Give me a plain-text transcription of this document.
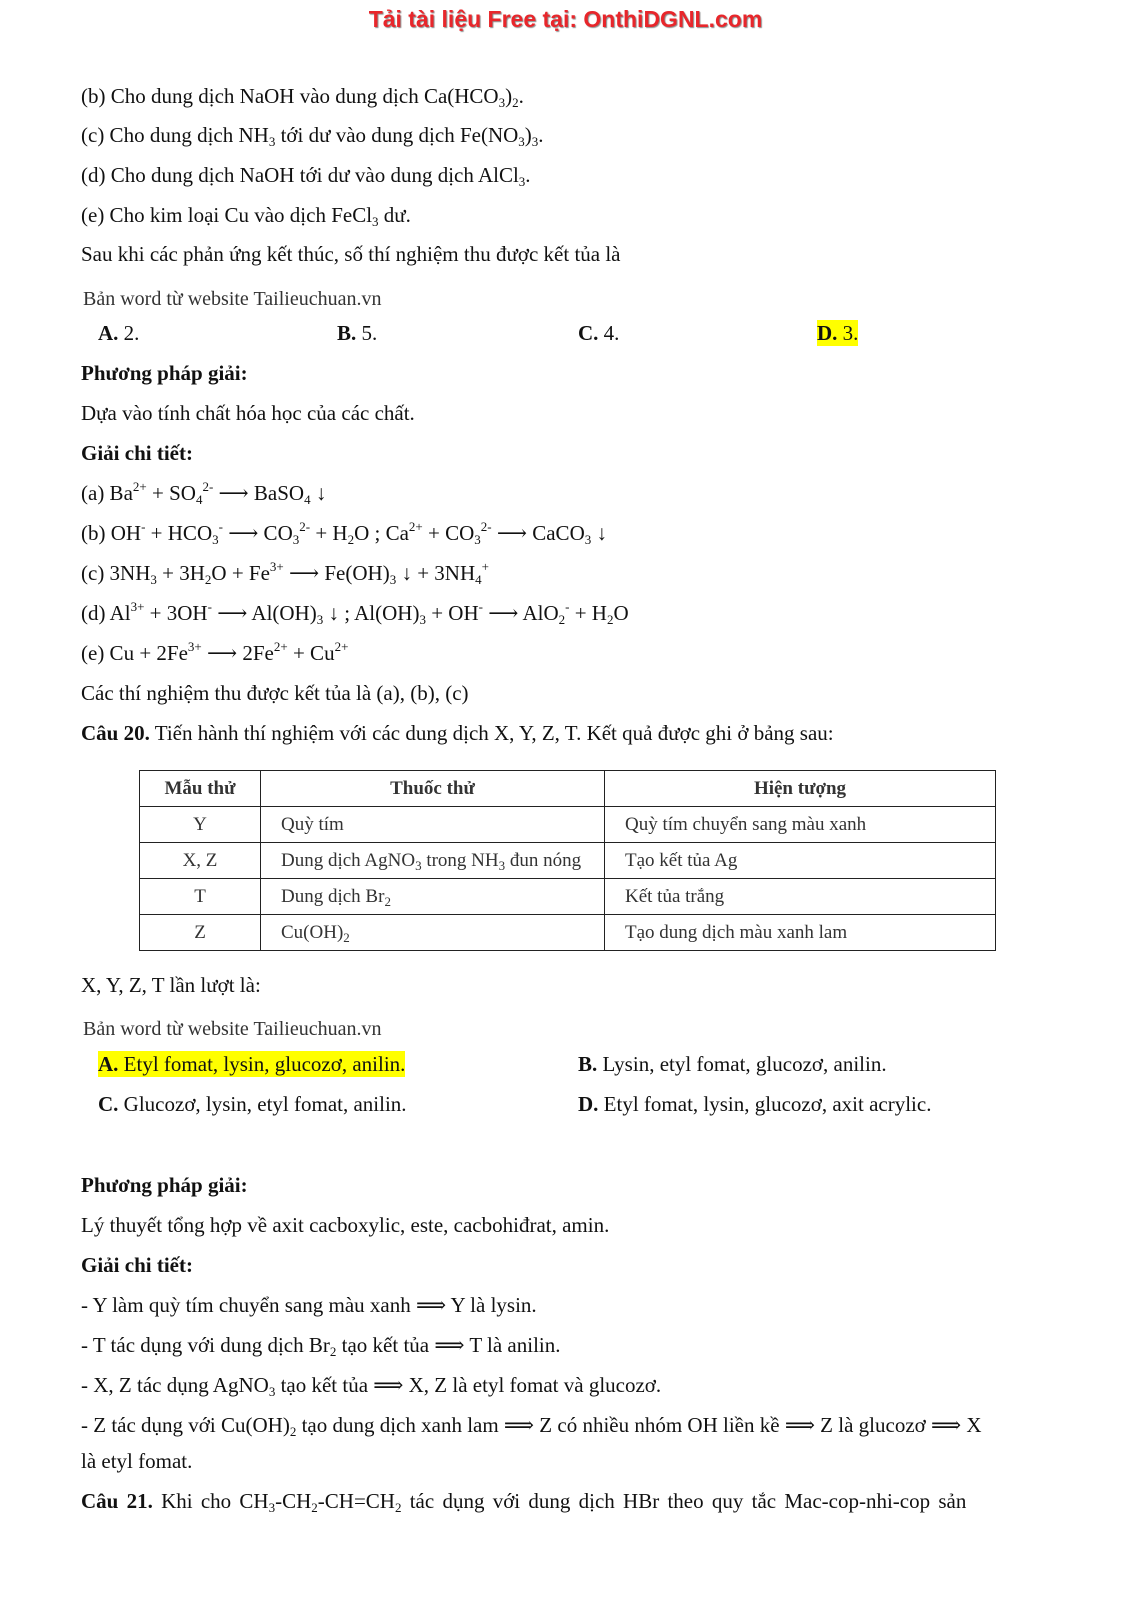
Tải tài liệu Free tại: OnthiDGNL.com
(b) Cho dung dịch NaOH vào dung dịch $Ca(HCO_3)_2$.
(c) Cho dung dịch $NH_3$ tới dư vào dung dịch $Fe(NO_3)_3$.
(d) Cho dung dịch NaOH tới dư vào dung dịch AlCl$_3$.
(e) Cho kim loại Cu vào dịch FeCl$_3$ dư.
Sau khi các phản ứng kết thúc, số thí nghiệm thu được kết tủa là
Bản word từ website Tailieuchuan.vn
A. 2.	B. 5.	C. 4.	D. 3.
Phương pháp giải:
Dựa vào tính chất hóa học của các chất.
Giải chi tiết:
(a) $Ba^{2+} + SO_4^{2-}$ ⟶ BaSO$_4$ ↓
(b) $OH^- + HCO_3^-$ ⟶ $CO_3^{2-} + H_2O$ ; $Ca^{2+} + CO_3^{2-}$ ⟶ CaCO$_3$ ↓
(c) $3NH_3 + 3H_2O + Fe^{3+}$ ⟶ $Fe(OH)_3$ ↓ + $3NH_4^+$
(d) $Al^{3+} + 3OH^-$ ⟶ $Al(OH)_3$ ↓ ; $Al(OH)_3 + OH^-$ ⟶ $AlO_2^- + H_2O$
(e) $Cu + 2Fe^{3+}$ ⟶ $2Fe^{2+} + Cu^{2+}$
Các thí nghiệm thu được kết tủa là (a), (b), (c)
Câu 20. Tiến hành thí nghiệm với các dung dịch X, Y, Z, T. Kết quả được ghi ở bảng sau:
Mẫu thử	Thuốc thử	Hiện tượng
Y	Quỳ tím	Quỳ tím chuyển sang màu xanh
X, Z	Dung dịch AgNO$_3$ trong $NH_3$ đun nóng	Tạo kết tủa Ag
T	Dung dịch $Br_2$	Kết tủa trắng
Z	$Cu(OH)_2$	Tạo dung dịch màu xanh lam
X, Y, Z, T lần lượt là:
Bản word từ website Tailieuchuan.vn
A. Etyl fomat, lysin, glucozơ, anilin.	B. Lysin, etyl fomat, glucozơ, anilin.
C. Glucozơ, lysin, etyl fomat, anilin.	D. Etyl fomat, lysin, glucozơ, axit acrylic.
Phương pháp giải:
Lý thuyết tổng hợp về axit cacboxylic, este, cacbohiđrat, amin.
Giải chi tiết:
- Y làm quỳ tím chuyển sang màu xanh ⟹ Y là lysin.
- T tác dụng với dung dịch $Br_2$ tạo kết tủa ⟹ T là anilin.
- X, Z tác dụng AgNO$_3$ tạo kết tủa ⟹ X, Z là etyl fomat và glucozơ.
- Z tác dụng với $Cu(OH)_2$ tạo dung dịch xanh lam ⟹ Z có nhiều nhóm OH liền kề ⟹ Z là glucozơ ⟹ X
là etyl fomat.
Câu 21. Khi cho $CH_3-CH_2-CH=CH_2$ tác dụng với dung dịch HBr theo quy tắc Mac-cop-nhi-cop sản
